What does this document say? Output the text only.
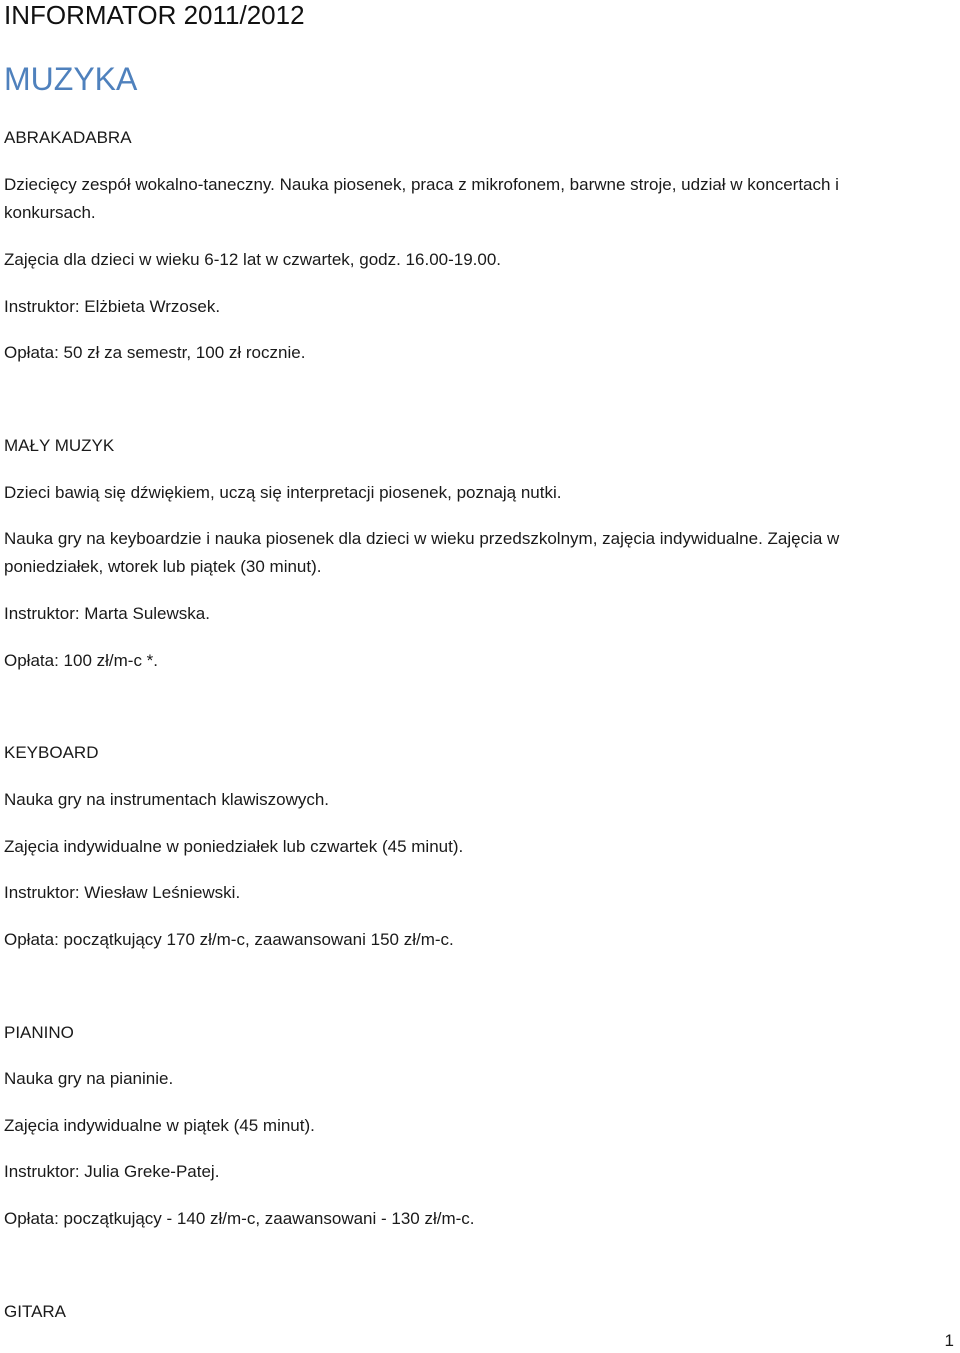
INFORMATOR 2011/2012
MUZYKA

ABRAKADABRA

Dziecięcy zespół wokalno-taneczny. Nauka piosenek, praca z mikrofonem, barwne stroje, udział w koncertach i konkursach.

Zajęcia dla dzieci w wieku 6-12 lat w czwartek, godz. 16.00-19.00.

Instruktor: Elżbieta Wrzosek.

Opłata: 50 zł za semestr, 100 zł rocznie.

MAŁY MUZYK

Dzieci bawią się dźwiękiem, uczą się interpretacji piosenek, poznają nutki.

Nauka gry na keyboardzie i nauka piosenek dla dzieci w wieku przedszkolnym, zajęcia indywidualne. Zajęcia w poniedziałek, wtorek lub piątek (30 minut).

Instruktor: Marta Sulewska.

Opłata: 100 zł/m-c *.

KEYBOARD

Nauka gry na instrumentach klawiszowych.

Zajęcia indywidualne w poniedziałek lub czwartek (45 minut).

Instruktor: Wiesław Leśniewski.

Opłata: początkujący 170 zł/m-c, zaawansowani 150 zł/m-c.

PIANINO

Nauka gry na pianinie.

Zajęcia indywidualne w piątek (45 minut).

Instruktor: Julia Greke-Patej.

Opłata: początkujący - 140 zł/m-c, zaawansowani - 130 zł/m-c.

GITARA

1
